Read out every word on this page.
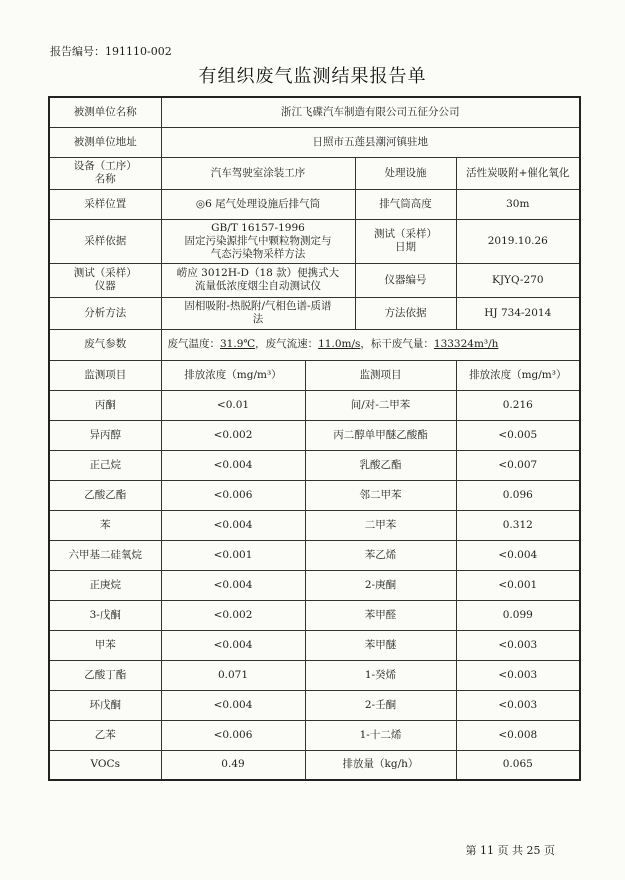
报告编号：191110-002
有组织废气监测结果报告单
被测单位名称	浙江飞碟汽车制造有限公司五征分公司			
被测单位地址	日照市五莲县潮河镇驻地			
设备（工序）
名称	汽车驾驶室涂装工序		处理设施	活性炭吸附+催化氧化
采样位置	◎6 尾气处理设施后排气筒		排气筒高度	30m
采样依据	GB/T 16157-1996
固定污染源排气中颗粒物测定与
气态污染物采样方法		测试（采样）
日期	2019.10.26
测试（采样）
仪器	崂应 3012H-D（18 款）便携式大
流量低浓度烟尘自动测试仪		仪器编号	KJYQ-270
分析方法	固相吸附-热脱附/气相色谱-质谱
法		方法依据	HJ 734-2014
废气参数	废气温度：31.9℃，废气流速：11.0m/s，标干废气量：133324m³/h			
监测项目	排放浓度（mg/m³）	监测项目		排放浓度（mg/m³）
丙酮	<0.01	间/对-二甲苯		0.216
异丙醇	<0.002	丙二醇单甲醚乙酸酯		<0.005
正己烷	<0.004	乳酸乙酯		<0.007
乙酸乙酯	<0.006	邻二甲苯		0.096
苯	<0.004	二甲苯		0.312
六甲基二硅氧烷	<0.001	苯乙烯		<0.004
正庚烷	<0.004	2-庚酮		<0.001
3-戊酮	<0.002	苯甲醛		0.099
甲苯	<0.004	苯甲醚		<0.003
乙酸丁酯	0.071	1-癸烯		<0.003
环戊酮	<0.004	2-壬酮		<0.003
乙苯	<0.006	1-十二烯		<0.008
VOCs	0.49	排放量（kg/h）		0.065
第 11 页 共 25 页
